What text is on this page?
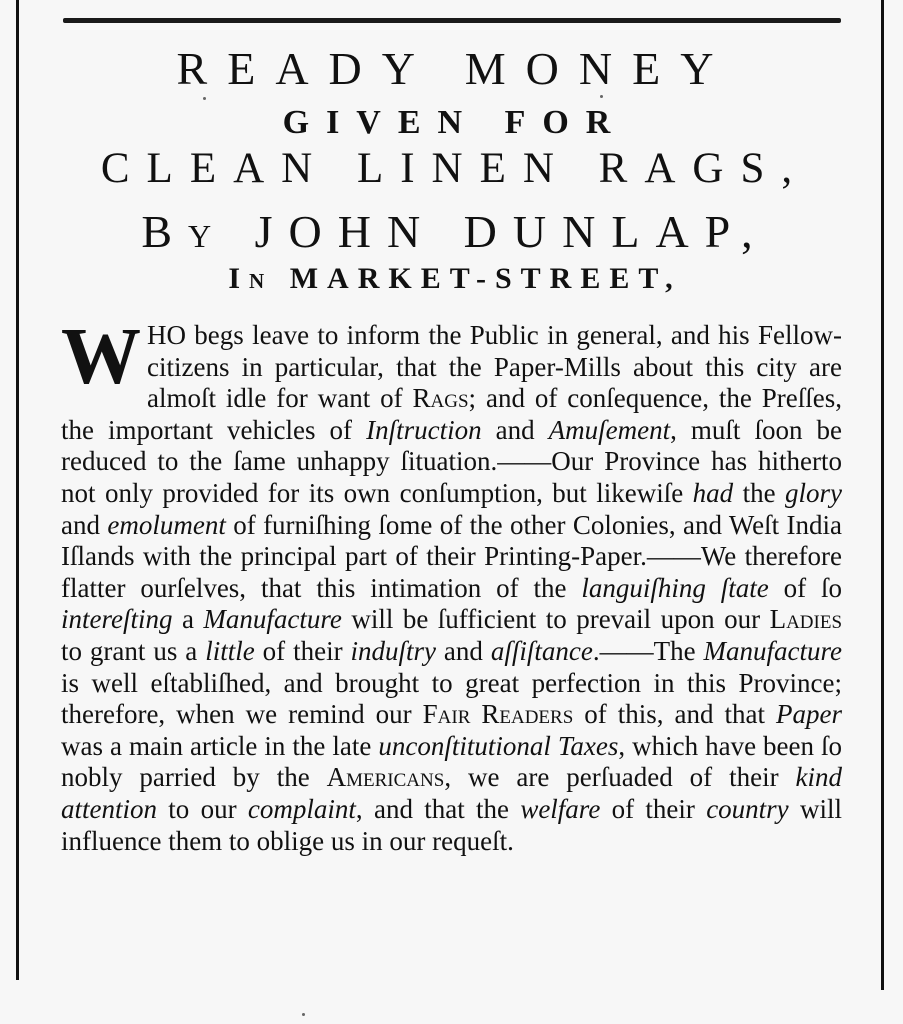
READY MONEY
GIVEN FOR
CLEAN LINEN RAGS,
By JOHN DUNLAP,
In MARKET-STREET,
W HO begs leave to inform the Public in general, and his Fellow-citizens in particular, that the Paper-Mills about this city are almoſt idle for want of Rags; and of conſequence, the Preſſes, the important vehicles of Inſtruction and Amuſement, muſt ſoon be reduced to the ſame unhappy ſituation.——Our Province has hitherto not only provided for its own conſumption, but likewiſe had the glory and emolument of furniſhing ſome of the other Colonies, and Weſt India Iſlands with the principal part of their Printing-Paper.——We therefore flatter ourſelves, that this intimation of the languiſhing ſtate of ſo intereſting a Manufacture will be ſufficient to prevail upon our Ladies to grant us a little of their induſtry and aſſiſtance.——The Manufacture is well eſtabliſhed, and brought to great perfection in this Province; therefore, when we remind our Fair Readers of this, and that Paper was a main article in the late unconſtitutional Taxes, which have been ſo nobly parried by the Americans, we are perſuaded of their kind attention to our complaint, and that the welfare of their country will influence them to oblige us in our requeſt.
